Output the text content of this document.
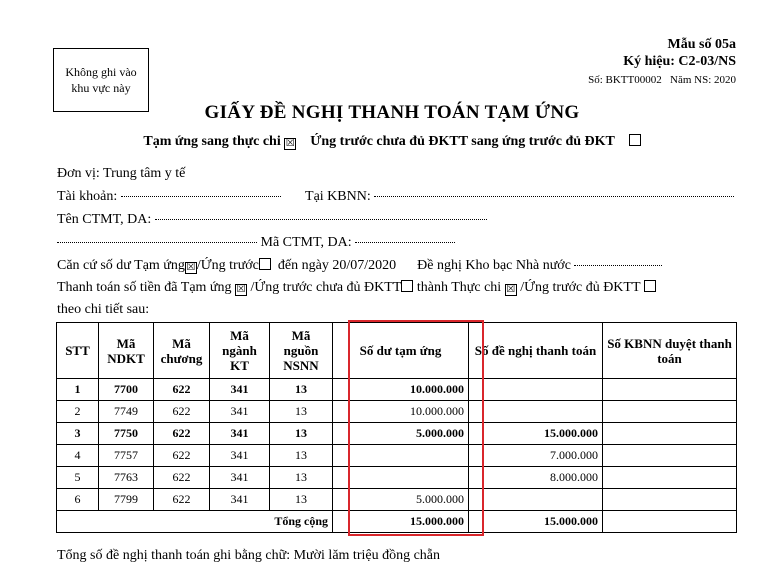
Không ghi vào
khu vực này
Mẫu số 05a
Ký hiệu: C2-03/NS
Số: BKTT00002 Năm NS: 2020
GIẤY ĐỀ NGHỊ THANH TOÁN TẠM ỨNG
Tạm ứng sang thực chi ☒ Ứng trước chưa đủ ĐKTT sang ứng trước đủ ĐKT
Đơn vị: Trung tâm y tế
Tài khoản:	Tại KBNN:
Tên CTMT, DA:
Mã CTMT, DA:
Căn cứ số dư Tạm ứng ☒ /Ứng trước đến ngày 20/07/2020 Đề nghị Kho bạc Nhà nước
Thanh toán số tiền đã Tạm ứng ☒ /Ứng trước chưa đủ ĐKTT thành Thực chi ☒ /Ứng trước đủ ĐKTT
theo chi tiết sau:
STT	Mã NDKT	Mã chương	Mã ngành KT	Mã nguồn NSNN	Số dư tạm ứng	Số đề nghị thanh toán	Số KBNN duyệt thanh toán
1	7700	622	341	13	10.000.000		
2	7749	622	341	13	10.000.000		
3	7750	622	341	13	5.000.000	15.000.000	
4	7757	622	341	13		7.000.000	
5	7763	622	341	13		8.000.000	
6	7799	622	341	13	5.000.000		
Tổng cộng					15.000.000	15.000.000	
Tổng số đề nghị thanh toán ghi bằng chữ: Mười lăm triệu đồng chẵn
